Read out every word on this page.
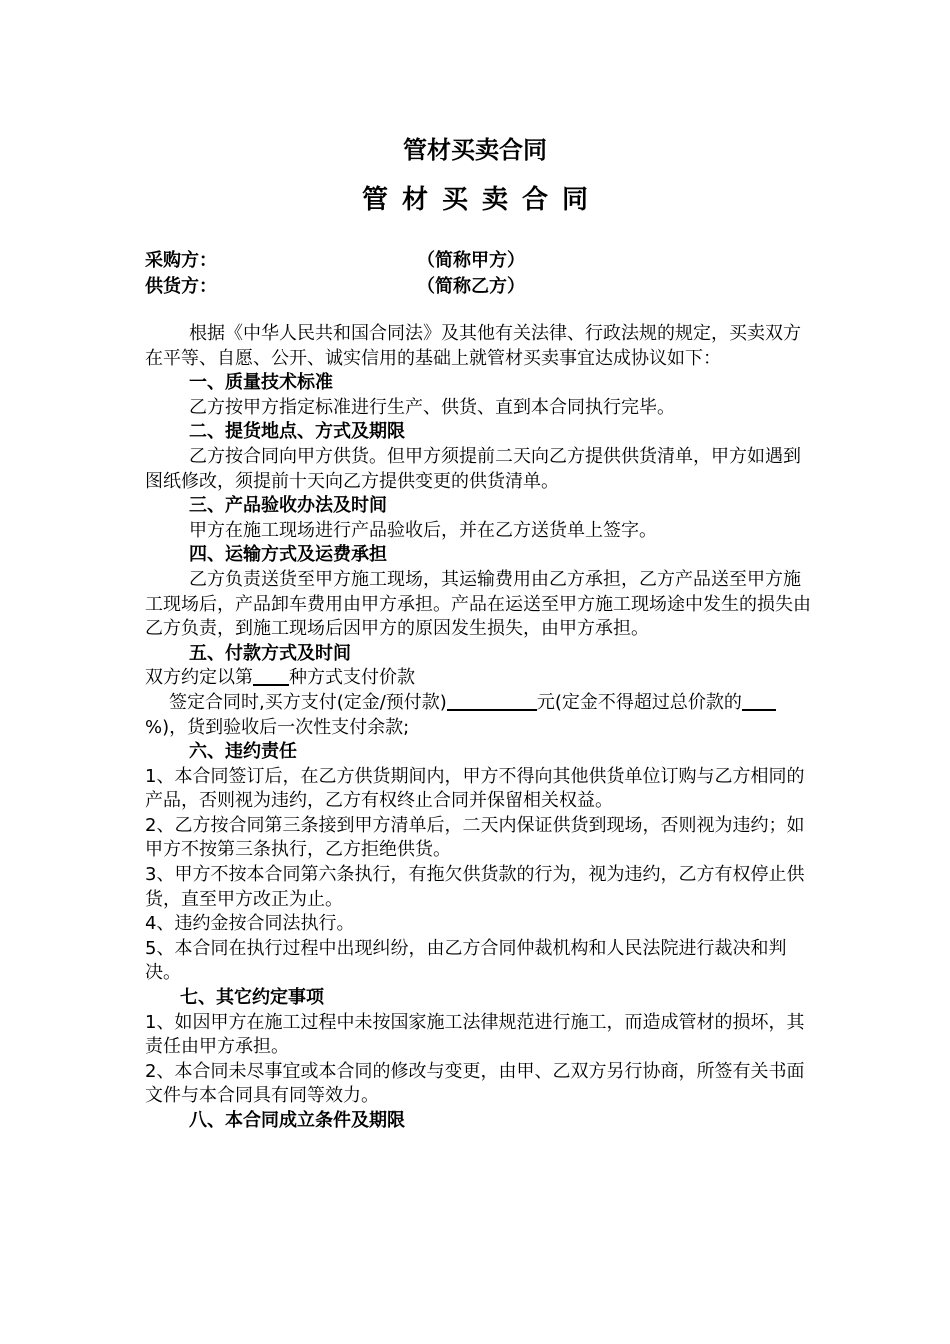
管材买卖合同
管材买卖合同
采购方：	（简称甲方）
供货方：	（简称乙方）

根据《中华人民共和国合同法》及其他有关法律、行政法规的规定，买卖双方在平等、自愿、公开、诚实信用的基础上就管材买卖事宜达成协议如下：

一、质量技术标准

乙方按甲方指定标准进行生产、供货、直到本合同执行完毕。

二、提货地点、方式及期限

乙方按合同向甲方供货。但甲方须提前二天向乙方提供供货清单，甲方如遇到图纸修改，须提前十天向乙方提供变更的供货清单。

三、产品验收办法及时间

甲方在施工现场进行产品验收后，并在乙方送货单上签字。

四、运输方式及运费承担

乙方负责送货至甲方施工现场，其运输费用由乙方承担，乙方产品送至甲方施工现场后，产品卸车费用由甲方承担。产品在运送至甲方施工现场途中发生的损失由乙方负责，到施工现场后因甲方的原因发生损失，由甲方承担。

五、付款方式及时间

双方约定以第 种方式支付价款

签定合同时,买方支付(定金/预付款)	元(定金不得超过总价款的%)，货到验收后一次性支付余款;

六、违约责任

1、本合同签订后，在乙方供货期间内，甲方不得向其他供货单位订购与乙方相同的产品，否则视为违约，乙方有权终止合同并保留相关权益。

2、乙方按合同第三条接到甲方清单后，二天内保证供货到现场，否则视为违约；如甲方不按第三条执行，乙方拒绝供货。

3、甲方不按本合同第六条执行，有拖欠供货款的行为，视为违约，乙方有权停止供货，直至甲方改正为止。

4、违约金按合同法执行。

5、本合同在执行过程中出现纠纷，由乙方合同仲裁机构和人民法院进行裁决和判决。

七、其它约定事项

1、如因甲方在施工过程中未按国家施工法律规范进行施工，而造成管材的损坏，其责任由甲方承担。

2、本合同未尽事宜或本合同的修改与变更，由甲、乙双方另行协商，所签有关书面文件与本合同具有同等效力。

八、本合同成立条件及期限
